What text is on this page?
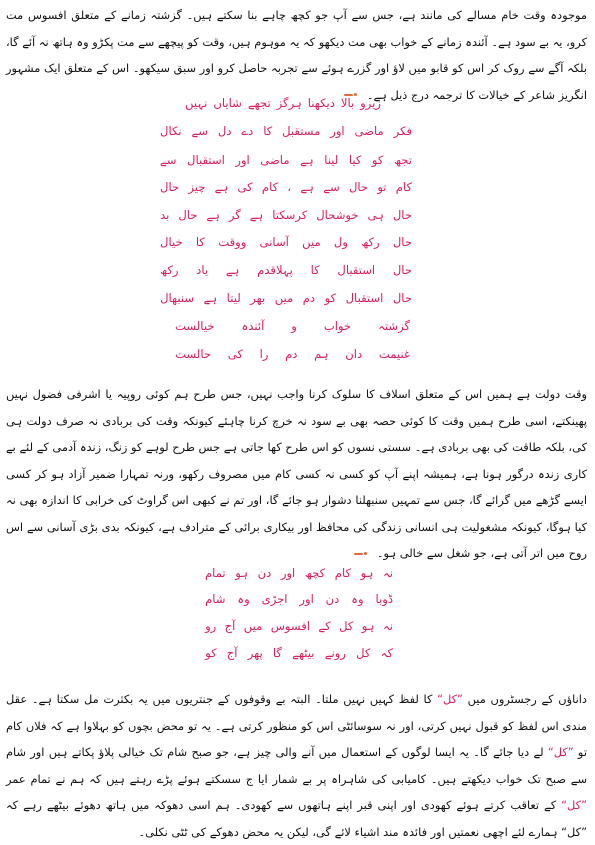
موجودہ وقت خام مسالے کی مانند ہے، جس سے آپ جو کچھ چاہے بنا سکتے ہیں۔ گزشتہ زمانے کے متعلق افسوس مت کرو، یہ بے سود ہے۔ آئندہ زمانے کے خواب بھی مت دیکھو کہ یہ موہوم ہیں، وقت کو پیچھے سے مت پکڑو وہ ہاتھ نہ آئے گا، بلکہ آگے سے روک کر اس کو قابو میں لاؤ اور گزرے ہوئے سے تجربہ حاصل کرو اور سبق سیکھو۔ اس کے متعلق ایک مشہور انگریز شاعر کے خیالات کا ترجمہ درج ذیل ہے۔

زیرو
بالا
دیکھنا
ہرگز
تجھے
شایاں
نہیں
فکر
ماضی
اور
مستقبل
کا
دے
دل
سے
نکال
تجھ
کو
کیا
لینا
ہے
ماضی
اور
استقبال
سے
کام
تو
حال
سے
ہے
،
کام
کی
ہے
چیز
حال
حال
ہی
خوشحال
کرسکتا
ہے
گر
ہے
حال
بد
حال
رکھ
ول
میں
آسانی
ووقت
کا
خیال
حال
استقبال
کا
پہلاقدم
ہے
یاد
رکھ
حال
استقبال
کو
دم
میں
بھر
لیتا
ہے
سنبھال
گزشتہ
خواب
و
آئندہ
خیالست
غنیمت
دان
ہم
دم
را
کی
حالست

وقت دولت ہے ہمیں اس کے متعلق اسلاف کا سلوک کرنا واجب نہیں، جس طرح ہم کوئی روپیہ یا اشرفی فضول نہیں پھینکتے، اسی طرح ہمیں وقت کا کوئی حصہ بھی بے سود نہ خرچ کرنا چاہئے کیونکہ وقت کی بربادی نہ صرف دولت ہی کی، بلکہ طاقت کی بھی بربادی ہے۔ سستی نسوں کو اس طرح کھا جاتی ہے جس طرح لوہے کو زنگ، زندہ آدمی کے لئے بے کاری زندہ درگور ہونا ہے، ہمیشہ اپنے آپ کو کسی نہ کسی کام میں مصروف رکھو، ورنہ تمہارا ضمیر آزاد ہو کر کسی ایسے گڑھے میں گرائے گا، جس سے تمہیں سنبھلنا دشوار ہو جائے گا، اور تم نے کبھی اس گراوٹ کی خرابی کا اندازہ بھی نہ کیا ہوگا، کیونکہ مشغولیت ہی انسانی زندگی کی محافظ اور بیکاری برائی کے مترادف ہے، کیونکہ بدی بڑی آسانی سے اس روح میں اتر آتی ہے، جو شغل سے خالی ہو۔

نہ
ہو
کام
کچھ
اور
دن
ہو
تمام
ڈوبا
وہ
دن
اور
اجڑی
وہ
شام
نہ
ہو
کل
کے
افسوس
میں
آج
رو
کہ
کل
رونے
بیٹھے
گا
پھر
آج
کو

داناؤں کے رجسٹروں میں ”کل“ کا لفظ کہیں نہیں ملتا۔ البتہ بے وقوفوں کے جنتریوں میں یہ بکثرت مل سکتا ہے۔ عقل مندی اس لفظ کو قبول نہیں کرتی، اور نہ سوسائٹی اس کو منظور کرتی ہے۔ یہ تو محض بچوں کو بہلاوا ہے کہ فلاں کام تو ”کل“ لے دیا جائے گا۔ یہ ایسا لوگوں کے استعمال میں آنے والی چیز ہے، جو صبح شام تک خیالی پلاؤ پکاتے ہیں اور شام سے صبح تک خواب دیکھتے ہیں۔ کامیابی کی شاہراہ پر بے شمار ایا ج سسکتے ہوئے پڑے رہتے ہیں کہ ہم نے تمام عمر ”کل“ کے تعاقب کرتے ہوئے کھودی اور اپنی قبر اپنے ہاتھوں سے کھودی۔ ہم اسی دھوکہ میں ہاتھ دھوئے بیٹھے رہے کہ ”کل“ ہمارے لئے اچھی نعمتیں اور فائدہ مند اشیاء لائے گی، لیکن یہ محض دھوکے کی ٹٹی نکلی۔
